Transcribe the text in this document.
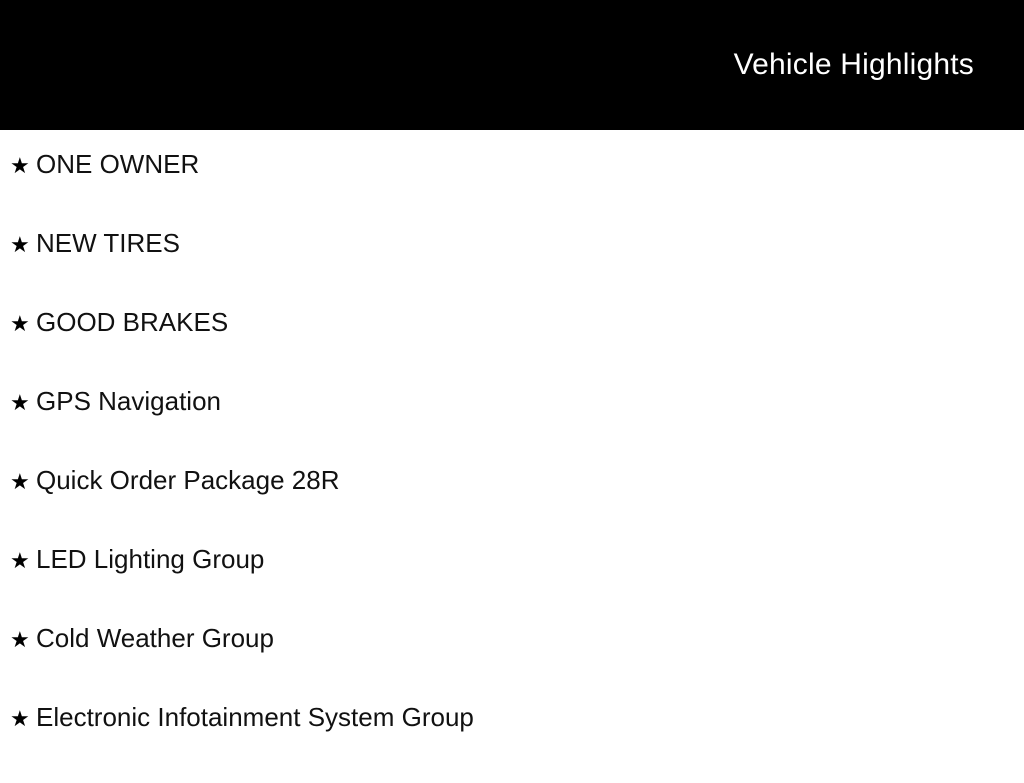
Vehicle Highlights
★ ONE OWNER
★ NEW TIRES
★ GOOD BRAKES
★ GPS Navigation
★ Quick Order Package 28R
★ LED Lighting Group
★ Cold Weather Group
★ Electronic Infotainment System Group
